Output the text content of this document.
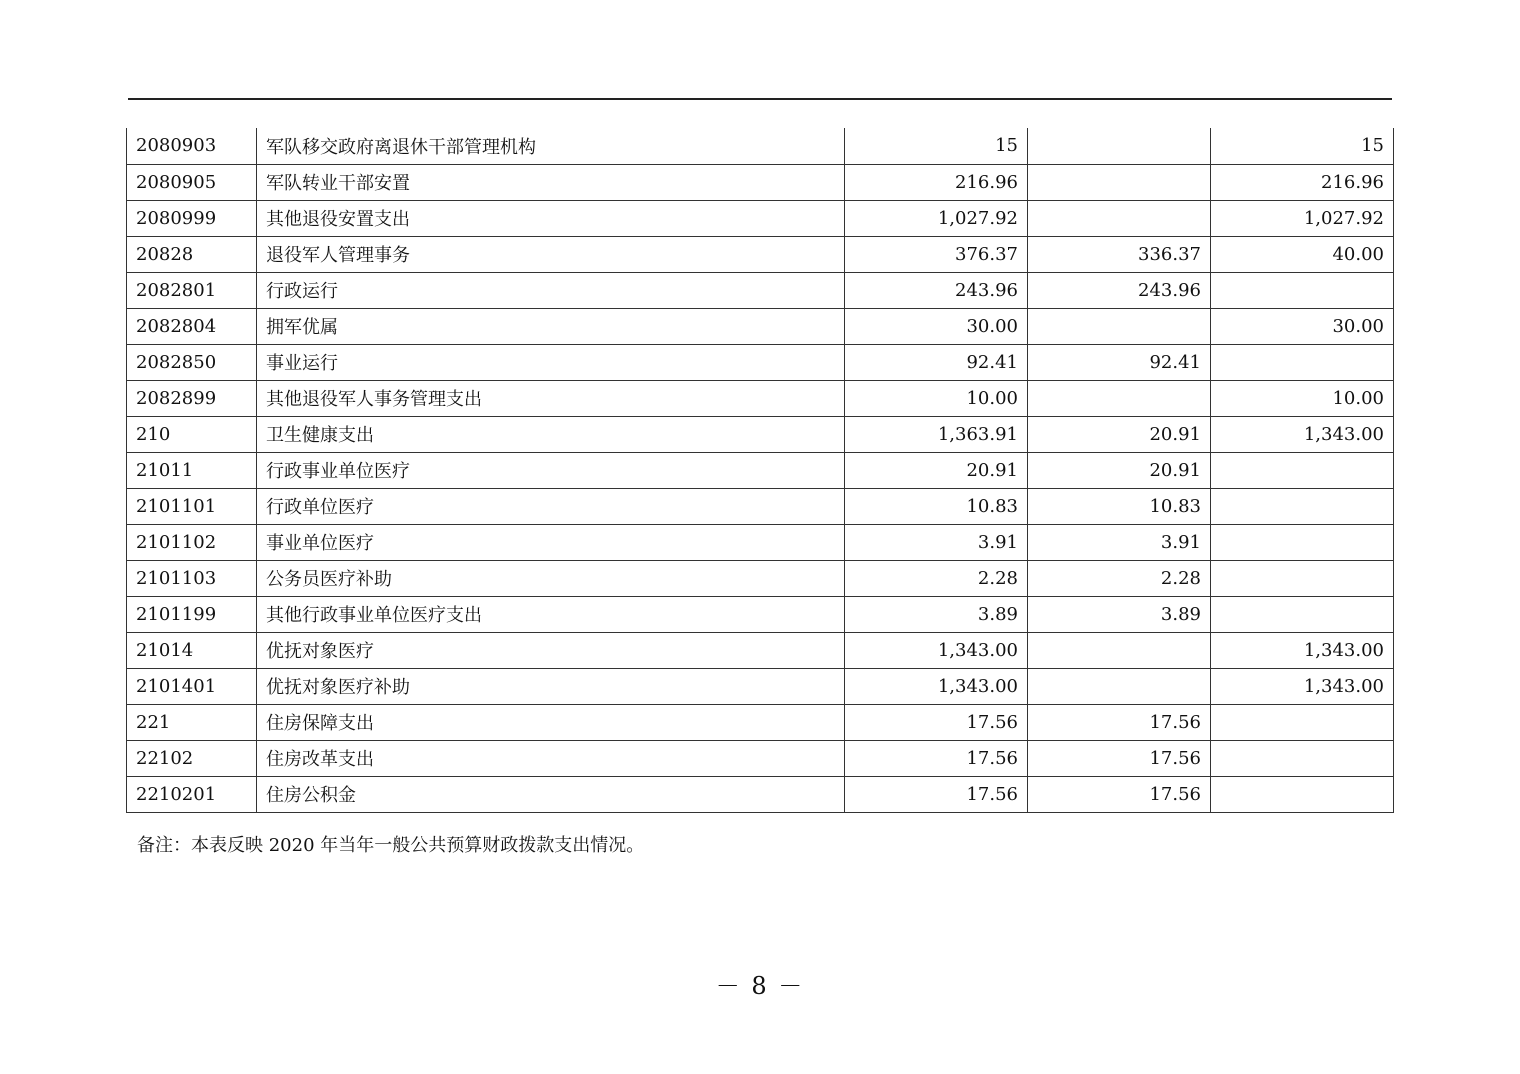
2080903	军队移交政府离退休干部管理机构	15		15
2080905	军队转业干部安置	216.96		216.96
2080999	其他退役安置支出	1,027.92		1,027.92
20828	退役军人管理事务	376.37	336.37	40.00
2082801	行政运行	243.96	243.96	
2082804	拥军优属	30.00		30.00
2082850	事业运行	92.41	92.41	
2082899	其他退役军人事务管理支出	10.00		10.00
210	卫生健康支出	1,363.91	20.91	1,343.00
21011	行政事业单位医疗	20.91	20.91	
2101101	行政单位医疗	10.83	10.83	
2101102	事业单位医疗	3.91	3.91	
2101103	公务员医疗补助	2.28	2.28	
2101199	其他行政事业单位医疗支出	3.89	3.89	
21014	优抚对象医疗	1,343.00		1,343.00
2101401	优抚对象医疗补助	1,343.00		1,343.00
221	住房保障支出	17.56	17.56	
22102	住房改革支出	17.56	17.56	
2210201	住房公积金	17.56	17.56	
备注：本表反映 2020 年当年一般公共预算财政拨款支出情况。
－ 8 －
